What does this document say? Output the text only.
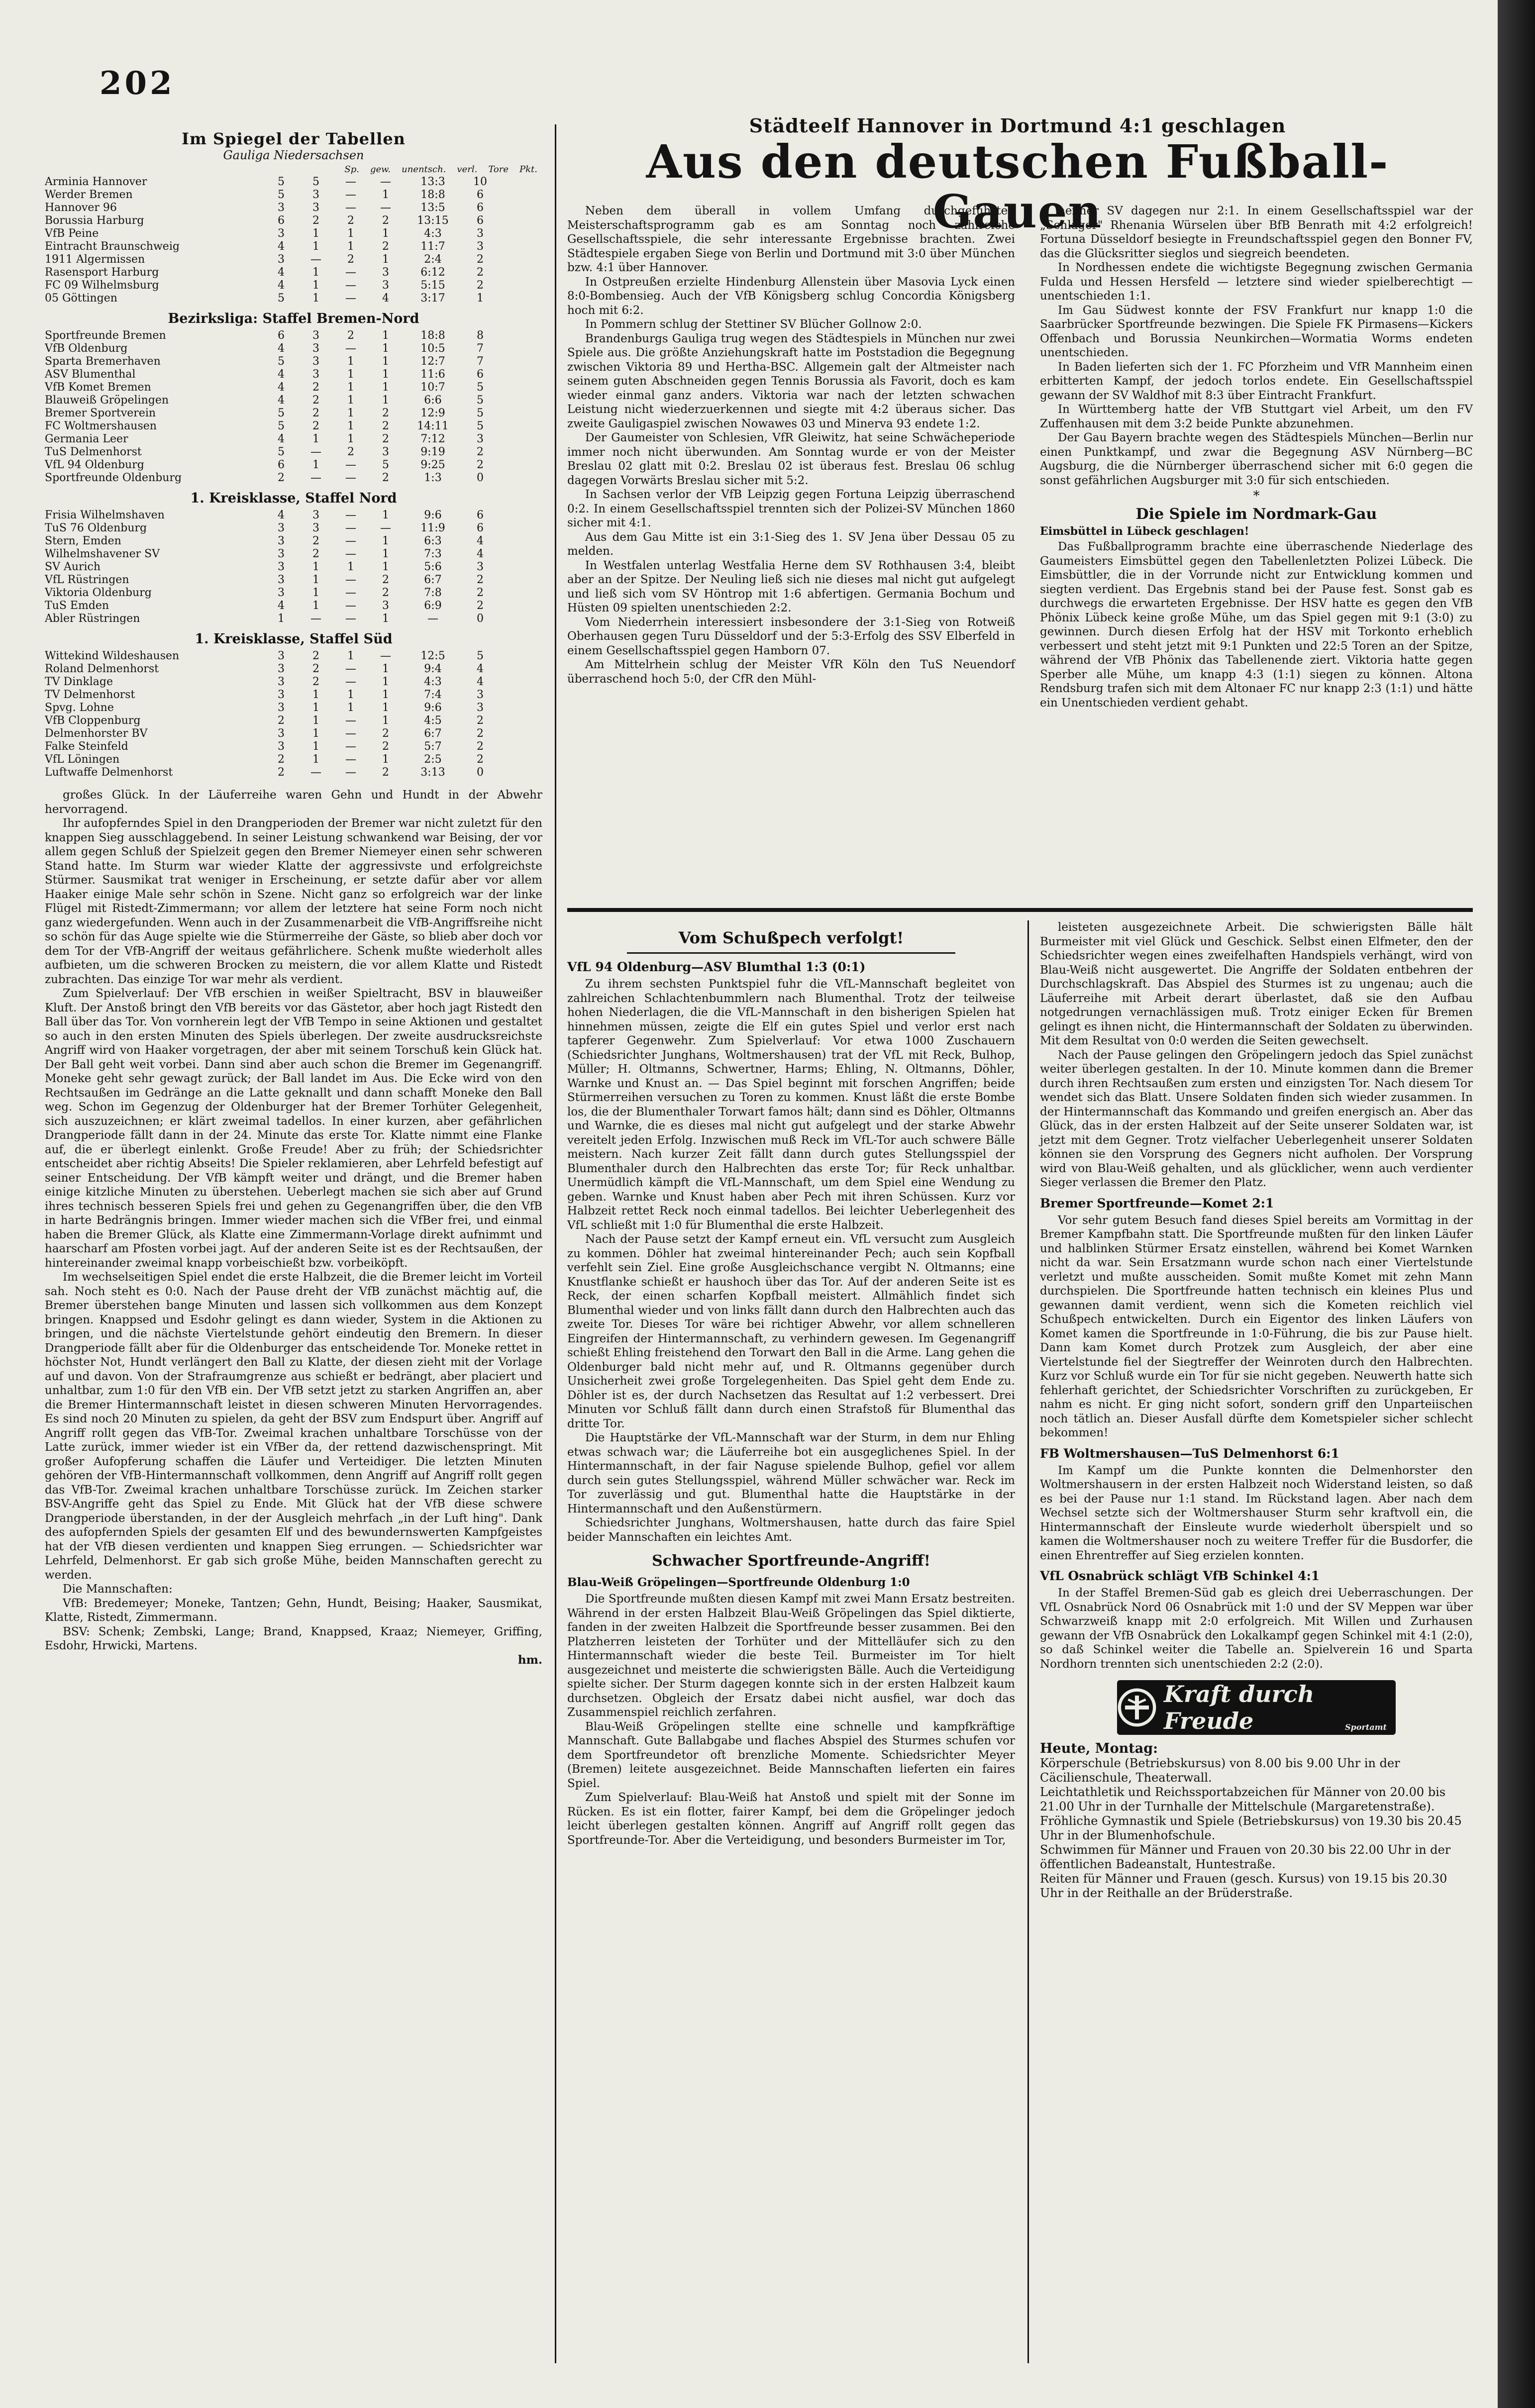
202
Im Spiegel der Tabellen
Gauliga Niedersachsen
Sp. gew. unentsch. verl. Tore Pkt.
Arminia Hannover	5	5	—	—	13:3	10
Werder Bremen	5	3	—	1	18:8	6
Hannover 96	3	3	—	—	13:5	6
Borussia Harburg	6	2	2	2	13:15	6
VfB Peine	3	1	1	1	4:3	3
Eintracht Braunschweig	4	1	1	2	11:7	3
1911 Algermissen	3	—	2	1	2:4	2
Rasensport Harburg	4	1	—	3	6:12	2
FC 09 Wilhelmsburg	4	1	—	3	5:15	2
05 Göttingen	5	1	—	4	3:17	1
Bezirksliga: Staffel Bremen-Nord
Sportfreunde Bremen	6	3	2	1	18:8	8
VfB Oldenburg	4	3	—	1	10:5	7
Sparta Bremerhaven	5	3	1	1	12:7	7
ASV Blumenthal	4	3	1	1	11:6	6
VfB Komet Bremen	4	2	1	1	10:7	5
Blauweiß Gröpelingen	4	2	1	1	6:6	5
Bremer Sportverein	5	2	1	2	12:9	5
FC Woltmershausen	5	2	1	2	14:11	5
Germania Leer	4	1	1	2	7:12	3
TuS Delmenhorst	5	—	2	3	9:19	2
VfL 94 Oldenburg	6	1	—	5	9:25	2
Sportfreunde Oldenburg	2	—	—	2	1:3	0
1. Kreisklasse, Staffel Nord
Frisia Wilhelmshaven	4	3	—	1	9:6	6
TuS 76 Oldenburg	3	3	—	—	11:9	6
Stern, Emden	3	2	—	1	6:3	4
Wilhelmshavener SV	3	2	—	1	7:3	4
SV Aurich	3	1	1	1	5:6	3
VfL Rüstringen	3	1	—	2	6:7	2
Viktoria Oldenburg	3	1	—	2	7:8	2
TuS Emden	4	1	—	3	6:9	2
Abler Rüstringen	1	—	—	1	—	0
1. Kreisklasse, Staffel Süd
Wittekind Wildeshausen	3	2	1	—	12:5	5
Roland Delmenhorst	3	2	—	1	9:4	4
TV Dinklage	3	2	—	1	4:3	4
TV Delmenhorst	3	1	1	1	7:4	3
Spvg. Lohne	3	1	1	1	9:6	3
VfB Cloppenburg	2	1	—	1	4:5	2
Delmenhorster BV	3	1	—	2	6:7	2
Falke Steinfeld	3	1	—	2	5:7	2
VfL Löningen	2	1	—	1	2:5	2
Luftwaffe Delmenhorst	2	—	—	2	3:13	0

großes Glück. In der Läuferreihe waren Gehn und Hundt in der Abwehr hervorragend.

Ihr aufopferndes Spiel in den Drangperioden der Bremer war nicht zuletzt für den knappen Sieg ausschlaggebend. In seiner Leistung schwankend war Beising, der vor allem gegen Schluß der Spielzeit gegen den Bremer Niemeyer einen sehr schweren Stand hatte. Im Sturm war wieder Klatte der aggressivste und erfolgreichste Stürmer. Sausmikat trat weniger in Erscheinung, er setzte dafür aber vor allem Haaker einige Male sehr schön in Szene. Nicht ganz so erfolgreich war der linke Flügel mit Ristedt-Zimmermann; vor allem der letztere hat seine Form noch nicht ganz wiedergefunden. Wenn auch in der Zusammenarbeit die VfB-Angriffsreihe nicht so schön für das Auge spielte wie die Stürmerreihe der Gäste, so blieb aber doch vor dem Tor der VfB-Angriff der weitaus gefährlichere. Schenk mußte wiederholt alles aufbieten, um die schweren Brocken zu meistern, die vor allem Klatte und Ristedt zubrachten. Das einzige Tor war mehr als verdient.

Zum Spielverlauf: Der VfB erschien in weißer Spieltracht, BSV in blauweißer Kluft. Der Anstoß bringt den VfB bereits vor das Gästetor, aber hoch jagt Ristedt den Ball über das Tor. Von vornherein legt der VfB Tempo in seine Aktionen und gestaltet so auch in den ersten Minuten des Spiels überlegen. Der zweite ausdrucksreichste Angriff wird von Haaker vorgetragen, der aber mit seinem Torschuß kein Glück hat. Der Ball geht weit vorbei. Dann sind aber auch schon die Bremer im Gegenangriff. Moneke geht sehr gewagt zurück; der Ball landet im Aus. Die Ecke wird von den Rechtsaußen im Gedränge an die Latte geknallt und dann schafft Moneke den Ball weg. Schon im Gegenzug der Oldenburger hat der Bremer Torhüter Gelegenheit, sich auszuzeichnen; er klärt zweimal tadellos. In einer kurzen, aber gefährlichen Drangperiode fällt dann in der 24. Minute das erste Tor. Klatte nimmt eine Flanke auf, die er überlegt einlenkt. Große Freude! Aber zu früh; der Schiedsrichter entscheidet aber richtig Abseits! Die Spieler reklamieren, aber Lehrfeld befestigt auf seiner Entscheidung. Der VfB kämpft weiter und drängt, und die Bremer haben einige kitzliche Minuten zu überstehen. Ueberlegt machen sie sich aber auf Grund ihres technisch besseren Spiels frei und gehen zu Gegenangriffen über, die den VfB in harte Bedrängnis bringen. Immer wieder machen sich die VfBer frei, und einmal haben die Bremer Glück, als Klatte eine Zimmermann-Vorlage direkt aufnimmt und haarscharf am Pfosten vorbei jagt. Auf der anderen Seite ist es der Rechtsaußen, der hintereinander zweimal knapp vorbeischießt bzw. vorbeiköpft.

Im wechselseitigen Spiel endet die erste Halbzeit, die die Bremer leicht im Vorteil sah. Noch steht es 0:0. Nach der Pause dreht der VfB zunächst mächtig auf, die Bremer überstehen bange Minuten und lassen sich vollkommen aus dem Konzept bringen. Knappsed und Esdohr gelingt es dann wieder, System in die Aktionen zu bringen, und die nächste Viertelstunde gehört eindeutig den Bremern. In dieser Drangperiode fällt aber für die Oldenburger das entscheidende Tor. Moneke rettet in höchster Not, Hundt verlängert den Ball zu Klatte, der diesen zieht mit der Vorlage auf und davon. Von der Strafraumgrenze aus schießt er bedrängt, aber placiert und unhaltbar, zum 1:0 für den VfB ein. Der VfB setzt jetzt zu starken Angriffen an, aber die Bremer Hintermannschaft leistet in diesen schweren Minuten Hervorragendes. Es sind noch 20 Minuten zu spielen, da geht der BSV zum Endspurt über. Angriff auf Angriff rollt gegen das VfB-Tor. Zweimal krachen unhaltbare Torschüsse von der Latte zurück, immer wieder ist ein VfBer da, der rettend dazwischenspringt. Mit großer Aufopferung schaffen die Läufer und Verteidiger. Die letzten Minuten gehören der VfB-Hintermannschaft vollkommen, denn Angriff auf Angriff rollt gegen das VfB-Tor. Zweimal krachen unhaltbare Torschüsse zurück. Im Zeichen starker BSV-Angriffe geht das Spiel zu Ende. Mit Glück hat der VfB diese schwere Drangperiode überstanden, in der der Ausgleich mehrfach „in der Luft hing". Dank des aufopfernden Spiels der gesamten Elf und des bewundernswerten Kampfgeistes hat der VfB diesen verdienten und knappen Sieg errungen. — Schiedsrichter war Lehrfeld, Delmenhorst. Er gab sich große Mühe, beiden Mannschaften gerecht zu werden.

Die Mannschaften:

VfB: Bredemeyer; Moneke, Tantzen; Gehn, Hundt, Beising; Haaker, Sausmikat, Klatte, Ristedt, Zimmermann.

BSV: Schenk; Zembski, Lange; Brand, Knappsed, Kraaz; Niemeyer, Griffing, Esdohr, Hrwicki, Martens.

hm.
Städteelf Hannover in Dortmund 4:1 geschlagen
Aus den deutschen Fußball-Gauen

Neben dem überall in vollem Umfang durchgeführten Meisterschaftsprogramm gab es am Sonntag noch zahlreiche Gesellschaftsspiele, die sehr interessante Ergebnisse brachten. Zwei Städtespiele ergaben Siege von Berlin und Dortmund mit 3:0 über München bzw. 4:1 über Hannover.

In Ostpreußen erzielte Hindenburg Allenstein über Masovia Lyck einen 8:0-Bombensieg. Auch der VfB Königsberg schlug Concordia Königsberg hoch mit 6:2.

In Pommern schlug der Stettiner SV Blücher Gollnow 2:0.

Brandenburgs Gauliga trug wegen des Städtespiels in München nur zwei Spiele aus. Die größte Anziehungskraft hatte im Poststadion die Begegnung zwischen Viktoria 89 und Hertha-BSC. Allgemein galt der Altmeister nach seinem guten Abschneiden gegen Tennis Borussia als Favorit, doch es kam wieder einmal ganz anders. Viktoria war nach der letzten schwachen Leistung nicht wiederzuerkennen und siegte mit 4:2 überaus sicher. Das zweite Gauligaspiel zwischen Nowawes 03 und Minerva 93 endete 1:2.

Der Gaumeister von Schlesien, VfR Gleiwitz, hat seine Schwächeperiode immer noch nicht überwunden. Am Sonntag wurde er von der Meister Breslau 02 glatt mit 0:2. Breslau 02 ist überaus fest. Breslau 06 schlug dagegen Vorwärts Breslau sicher mit 5:2.

In Sachsen verlor der VfB Leipzig gegen Fortuna Leipzig überraschend 0:2. In einem Gesellschaftsspiel trennten sich der Polizei-SV München 1860 sicher mit 4:1.

Aus dem Gau Mitte ist ein 3:1-Sieg des 1. SV Jena über Dessau 05 zu melden.

In Westfalen unterlag Westfalia Herne dem SV Rothhausen 3:4, bleibt aber an der Spitze. Der Neuling ließ sich nie dieses mal nicht gut aufgelegt und ließ sich vom SV Höntrop mit 1:6 abfertigen. Germania Bochum und Hüsten 09 spielten unentschieden 2:2.

Vom Niederrhein interessiert insbesondere der 3:1-Sieg von Rotweiß Oberhausen gegen Turu Düsseldorf und der 5:3-Erfolg des SSV Elberfeld in einem Gesellschaftsspiel gegen Hamborn 07.

Am Mittelrhein schlug der Meister VfR Köln den TuS Neuendorf überraschend hoch 5:0, der CfR den Mühl-

heimer SV dagegen nur 2:1. In einem Gesellschaftsspiel war der „Schlager" Rhenania Würselen über BfB Benrath mit 4:2 erfolgreich! Fortuna Düsseldorf besiegte in Freundschaftsspiel gegen den Bonner FV, das die Glücksritter sieglos und siegreich beendeten.

In Nordhessen endete die wichtigste Begegnung zwischen Germania Fulda und Hessen Hersfeld — letztere sind wieder spielberechtigt — unentschieden 1:1.

Im Gau Südwest konnte der FSV Frankfurt nur knapp 1:0 die Saarbrücker Sportfreunde bezwingen. Die Spiele FK Pirmasens—Kickers Offenbach und Borussia Neunkirchen—Wormatia Worms endeten unentschieden.

In Baden lieferten sich der 1. FC Pforzheim und VfR Mannheim einen erbitterten Kampf, der jedoch torlos endete. Ein Gesellschaftsspiel gewann der SV Waldhof mit 8:3 über Eintracht Frankfurt.

In Württemberg hatte der VfB Stuttgart viel Arbeit, um den FV Zuffenhausen mit dem 3:2 beide Punkte abzunehmen.

Der Gau Bayern brachte wegen des Städtespiels München—Berlin nur einen Punktkampf, und zwar die Begegnung ASV Nürnberg—BC Augsburg, die die Nürnberger überraschend sicher mit 6:0 gegen die sonst gefährlichen Augsburger mit 3:0 für sich entschieden.

*
Die Spiele im Nordmark-Gau
Eimsbüttel in Lübeck geschlagen!

Das Fußballprogramm brachte eine überraschende Niederlage des Gaumeisters Eimsbüttel gegen den Tabellenletzten Polizei Lübeck. Die Eimsbüttler, die in der Vorrunde nicht zur Entwicklung kommen und siegten verdient. Das Ergebnis stand bei der Pause fest. Sonst gab es durchwegs die erwarteten Ergebnisse. Der HSV hatte es gegen den VfB Phönix Lübeck keine große Mühe, um das Spiel gegen mit 9:1 (3:0) zu gewinnen. Durch diesen Erfolg hat der HSV mit Torkonto erheblich verbessert und steht jetzt mit 9:1 Punkten und 22:5 Toren an der Spitze, während der VfB Phönix das Tabellenende ziert. Viktoria hatte gegen Sperber alle Mühe, um knapp 4:3 (1:1) siegen zu können. Altona Rendsburg trafen sich mit dem Altonaer FC nur knapp 2:3 (1:1) und hätte ein Unentschieden verdient gehabt.

Vom Schußpech verfolgt!
VfL 94 Oldenburg—ASV Blumthal 1:3 (0:1)

Zu ihrem sechsten Punktspiel fuhr die VfL-Mannschaft begleitet von zahlreichen Schlachtenbummlern nach Blumenthal. Trotz der teilweise hohen Niederlagen, die die VfL-Mannschaft in den bisherigen Spielen hat hinnehmen müssen, zeigte die Elf ein gutes Spiel und verlor erst nach tapferer Gegenwehr. Zum Spielverlauf: Vor etwa 1000 Zuschauern (Schiedsrichter Junghans, Woltmershausen) trat der VfL mit Reck, Bulhop, Müller; H. Oltmanns, Schwertner, Harms; Ehling, N. Oltmanns, Döhler, Warnke und Knust an. — Das Spiel beginnt mit forschen Angriffen; beide Stürmerreihen versuchen zu Toren zu kommen. Knust läßt die erste Bombe los, die der Blumenthaler Torwart famos hält; dann sind es Döhler, Oltmanns und Warnke, die es dieses mal nicht gut aufgelegt und der starke Abwehr vereitelt jeden Erfolg. Inzwischen muß Reck im VfL-Tor auch schwere Bälle meistern. Nach kurzer Zeit fällt dann durch gutes Stellungsspiel der Blumenthaler durch den Halbrechten das erste Tor; für Reck unhaltbar. Unermüdlich kämpft die VfL-Mannschaft, um dem Spiel eine Wendung zu geben. Warnke und Knust haben aber Pech mit ihren Schüssen. Kurz vor Halbzeit rettet Reck noch einmal tadellos. Bei leichter Ueberlegenheit des VfL schließt mit 1:0 für Blumenthal die erste Halbzeit.

Nach der Pause setzt der Kampf erneut ein. VfL versucht zum Ausgleich zu kommen. Döhler hat zweimal hintereinander Pech; auch sein Kopfball verfehlt sein Ziel. Eine große Ausgleichschance vergibt N. Oltmanns; eine Knustflanke schießt er haushoch über das Tor. Auf der anderen Seite ist es Reck, der einen scharfen Kopfball meistert. Allmählich findet sich Blumenthal wieder und von links fällt dann durch den Halbrechten auch das zweite Tor. Dieses Tor wäre bei richtiger Abwehr, vor allem schnelleren Eingreifen der Hintermannschaft, zu verhindern gewesen. Im Gegenangriff schießt Ehling freistehend den Torwart den Ball in die Arme. Lang gehen die Oldenburger bald nicht mehr auf, und R. Oltmanns gegenüber durch Unsicherheit zwei große Torgelegenheiten. Das Spiel geht dem Ende zu. Döhler ist es, der durch Nachsetzen das Resultat auf 1:2 verbessert. Drei Minuten vor Schluß fällt dann durch einen Strafstoß für Blumenthal das dritte Tor.

Die Hauptstärke der VfL-Mannschaft war der Sturm, in dem nur Ehling etwas schwach war; die Läuferreihe bot ein ausgeglichenes Spiel. In der Hintermannschaft, in der fair Naguse spielende Bulhop, gefiel vor allem durch sein gutes Stellungsspiel, während Müller schwächer war. Reck im Tor zuverlässig und gut. Blumenthal hatte die Hauptstärke in der Hintermannschaft und den Außenstürmern.

Schiedsrichter Junghans, Woltmershausen, hatte durch das faire Spiel beider Mannschaften ein leichtes Amt.

Schwacher Sportfreunde-Angriff!
Blau-Weiß Gröpelingen—Sportfreunde Oldenburg 1:0

Die Sportfreunde mußten diesen Kampf mit zwei Mann Ersatz bestreiten. Während in der ersten Halbzeit Blau-Weiß Gröpelingen das Spiel diktierte, fanden in der zweiten Halbzeit die Sportfreunde besser zusammen. Bei den Platzherren leisteten der Torhüter und der Mittelläufer sich zu den Hintermannschaft wieder die beste Teil. Burmeister im Tor hielt ausgezeichnet und meisterte die schwierigsten Bälle. Auch die Verteidigung spielte sicher. Der Sturm dagegen konnte sich in der ersten Halbzeit kaum durchsetzen. Obgleich der Ersatz dabei nicht ausfiel, war doch das Zusammenspiel reichlich zerfahren.

Blau-Weiß Gröpelingen stellte eine schnelle und kampfkräftige Mannschaft. Gute Ballabgabe und flaches Abspiel des Sturmes schufen vor dem Sportfreundetor oft brenzliche Momente. Schiedsrichter Meyer (Bremen) leitete ausgezeichnet. Beide Mannschaften lieferten ein faires Spiel.

Zum Spielverlauf: Blau-Weiß hat Anstoß und spielt mit der Sonne im Rücken. Es ist ein flotter, fairer Kampf, bei dem die Gröpelinger jedoch leicht überlegen gestalten können. Angriff auf Angriff rollt gegen das Sportfreunde-Tor. Aber die Verteidigung, und besonders Burmeister im Tor,

leisteten ausgezeichnete Arbeit. Die schwierigsten Bälle hält Burmeister mit viel Glück und Geschick. Selbst einen Elfmeter, den der Schiedsrichter wegen eines zweifelhaften Handspiels verhängt, wird von Blau-Weiß nicht ausgewertet. Die Angriffe der Soldaten entbehren der Durchschlagskraft. Das Abspiel des Sturmes ist zu ungenau; auch die Läuferreihe mit Arbeit derart überlastet, daß sie den Aufbau notgedrungen vernachlässigen muß. Trotz einiger Ecken für Bremen gelingt es ihnen nicht, die Hintermannschaft der Soldaten zu überwinden. Mit dem Resultat von 0:0 werden die Seiten gewechselt.

Nach der Pause gelingen den Gröpelingern jedoch das Spiel zunächst weiter überlegen gestalten. In der 10. Minute kommen dann die Bremer durch ihren Rechtsaußen zum ersten und einzigsten Tor. Nach diesem Tor wendet sich das Blatt. Unsere Soldaten finden sich wieder zusammen. In der Hintermannschaft das Kommando und greifen energisch an. Aber das Glück, das in der ersten Halbzeit auf der Seite unserer Soldaten war, ist jetzt mit dem Gegner. Trotz vielfacher Ueberlegenheit unserer Soldaten können sie den Vorsprung des Gegners nicht aufholen. Der Vorsprung wird von Blau-Weiß gehalten, und als glücklicher, wenn auch verdienter Sieger verlassen die Bremer den Platz.

Bremer Sportfreunde—Komet 2:1

Vor sehr gutem Besuch fand dieses Spiel bereits am Vormittag in der Bremer Kampfbahn statt. Die Sportfreunde mußten für den linken Läufer und halblinken Stürmer Ersatz einstellen, während bei Komet Warnken nicht da war. Sein Ersatzmann wurde schon nach einer Viertelstunde verletzt und mußte ausscheiden. Somit mußte Komet mit zehn Mann durchspielen. Die Sportfreunde hatten technisch ein kleines Plus und gewannen damit verdient, wenn sich die Kometen reichlich viel Schußpech entwickelten. Durch ein Eigentor des linken Läufers von Komet kamen die Sportfreunde in 1:0-Führung, die bis zur Pause hielt. Dann kam Komet durch Protzek zum Ausgleich, der aber eine Viertelstunde fiel der Siegtreffer der Weinroten durch den Halbrechten. Kurz vor Schluß wurde ein Tor für sie nicht gegeben. Neuwerth hatte sich fehlerhaft gerichtet, der Schiedsrichter Vorschriften zu zurückgeben, Er nahm es nicht. Er ging nicht sofort, sondern griff den Unparteiischen noch tätlich an. Dieser Ausfall dürfte dem Kometspieler sicher schlecht bekommen!

FB Woltmershausen—TuS Delmenhorst 6:1

Im Kampf um die Punkte konnten die Delmenhorster den Woltmershausern in der ersten Halbzeit noch Widerstand leisten, so daß es bei der Pause nur 1:1 stand. Im Rückstand lagen. Aber nach dem Wechsel setzte sich der Woltmershauser Sturm sehr kraftvoll ein, die Hintermannschaft der Einsleute wurde wiederholt überspielt und so kamen die Woltmershauser noch zu weitere Treffer für die Busdorfer, die einen Ehrentreffer auf Sieg erzielen konnten.

VfL Osnabrück schlägt VfB Schinkel 4:1

In der Staffel Bremen-Süd gab es gleich drei Ueberraschungen. Der VfL Osnabrück Nord 06 Osnabrück mit 1:0 und der SV Meppen war über Schwarzweiß knapp mit 2:0 erfolgreich. Mit Willen und Zurhausen gewann der VfB Osnabrück den Lokalkampf gegen Schinkel mit 4:1 (2:0), so daß Schinkel weiter die Tabelle an. Spielverein 16 und Sparta Nordhorn trennten sich unentschieden 2:2 (2:0).

Kraft durch Freude	Sportamt
Heute, Montag:

Körperschule (Betriebskursus) von 8.00 bis 9.00 Uhr in der Cäcilienschule, Theaterwall.

Leichtathletik und Reichssportabzeichen für Männer von 20.00 bis 21.00 Uhr in der Turnhalle der Mittelschule (Margaretenstraße).

Fröhliche Gymnastik und Spiele (Betriebskursus) von 19.30 bis 20.45 Uhr in der Blumenhofschule.

Schwimmen für Männer und Frauen von 20.30 bis 22.00 Uhr in der öffentlichen Badeanstalt, Huntestraße.

Reiten für Männer und Frauen (gesch. Kursus) von 19.15 bis 20.30 Uhr in der Reithalle an der Brüderstraße.
